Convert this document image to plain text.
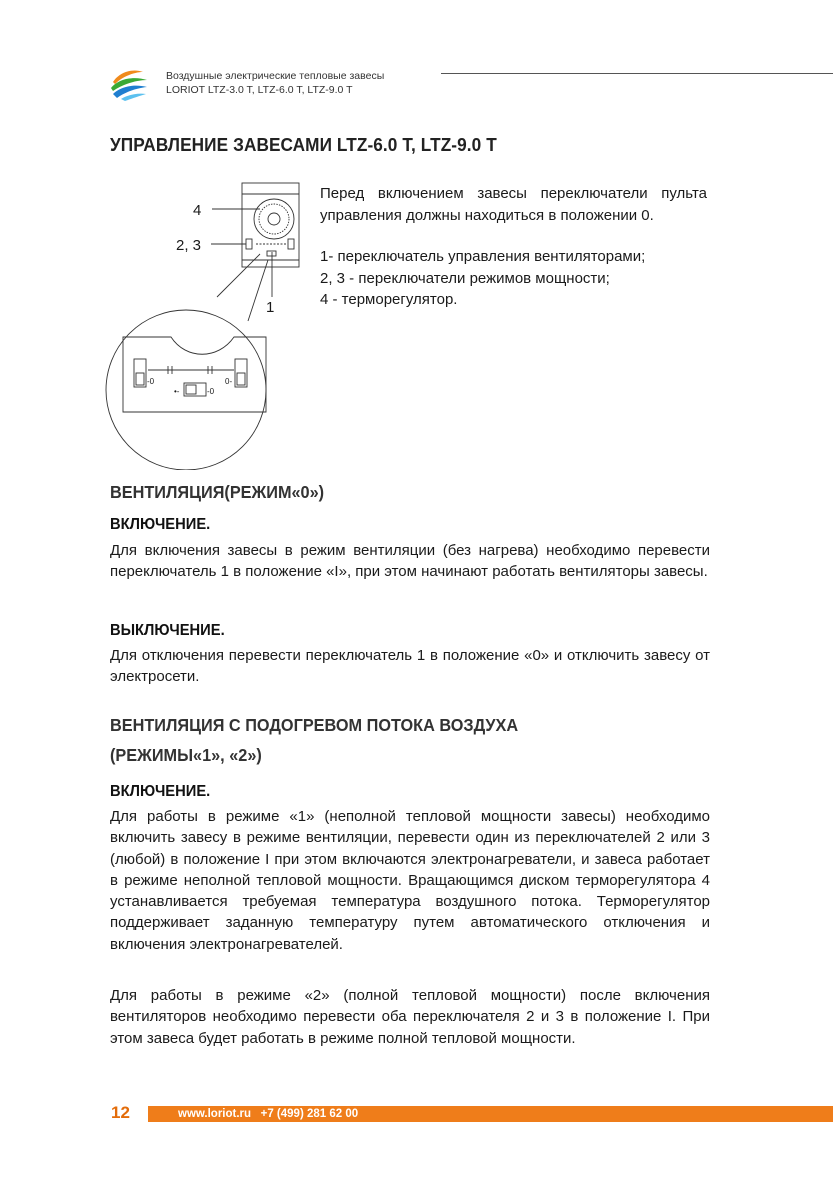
Воздушные электрические тепловые завесы
LORIOT LTZ-3.0 T, LTZ-6.0 T, LTZ-9.0 T
УПРАВЛЕНИЕ ЗАВЕСАМИ LTZ-6.0 T, LTZ-9.0 T
4
2, 3
1
-0	0-
•-	-0

Перед включением завесы переключатели пульта управления должны находиться в положении 0.

1- переключатель управления вентиляторами;

2, 3 - переключатели режимов мощности;

4 - терморегулятор.

ВЕНТИЛЯЦИЯ(РЕЖИМ«0»)
ВКЛЮЧЕНИЕ.

Для включения завесы в режим вентиляции (без нагрева) необходимо перевести переключатель 1 в положение «I», при этом начинают работать вентиляторы завесы.

ВЫКЛЮЧЕНИЕ.

Для отключения перевести переключатель 1 в положение «0» и отключить завесу от электросети.

ВЕНТИЛЯЦИЯ С ПОДОГРЕВОМ ПОТОКА ВОЗДУХА
(РЕЖИМЫ«1», «2»)
ВКЛЮЧЕНИЕ.

Для работы в режиме «1» (неполной тепловой мощности завесы) необходимо включить завесу в режиме вентиляции, перевести один из переключателей 2 или 3 (любой) в положение I при этом включаются электронагреватели, и завеса работает в режиме неполной тепловой мощности. Вращающимся диском терморегулятора 4 устанавливается требуемая температура воздушного потока. Терморегулятор поддерживает заданную температуру путем автоматического отключения и включения электронагревателей.

Для работы в режиме «2» (полной тепловой мощности) после включения вентиляторов необходимо перевести оба переключателя 2 и 3 в положение I. При этом завеса будет работать в режиме полной тепловой мощности.

12	www.loriot.ru   +7 (499) 281 62 00
